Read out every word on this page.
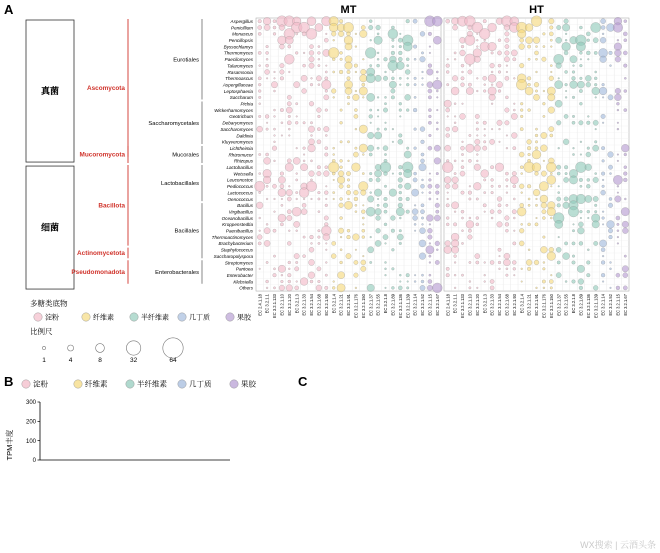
A	MT	HT
Aspergillus
Penicillium
Monascus
Pencillopsis
Byssochlamys
Thermomyces
Paecilomyces
Talaromyces
Rasamsonia
Thermoascus
Aspergillaceae
Leptosphaeria
Saccharum
Pichia
Wickerhamomyces
Geotrichum
Debaryomyces
Saccharomyces
Daldinia
Kluyveromyces
Lichtheimia
Rhizomucor
Rhizopus
Lactobacillus
Weissella
Leuconostoc
Pediococcus
Lactococcus
Oenococcus
Bacillus
Virgibacillus
Oceanobacillus
Kroppenstedtia
Paenibacillus
Thermoactinomyces
Brachybacterium
Staphylococcus
Saccharopolyspora
Streptomyces
Pantoea
Enterobacter
Klebsiella
Others
EC 2.4.1.18 EC 3.2.1.1 EC 3.2.1.133 EC 3.2.1.10 EC 3.2.1.20 EC 3.2.1.3 EC 3.2.1.33 EC 3.2.1.54 EC 3.2.1.68 EC 3.2.1.93 EC 3.2.1.4 EC 3.2.1.21 EC 3.2.1.91 EC 3.2.1.176 EC 3.2.1.150 EC 3.2.1.37 EC 3.2.1.55 EC 3.2.1.8 EC 3.2.1.89 EC 3.2.1.136 EC 3.2.1.139 EC 3.2.1.14 EC 3.2.1.52 EC 3.2.1.15 EC 3.2.1.67 EC 2.4.1.18 EC 3.2.1.1 EC 3.2.1.133 EC 3.2.1.10 EC 3.2.1.20 EC 3.2.1.3 EC 3.2.1.33 EC 3.2.1.54 EC 3.2.1.68 EC 3.2.1.93 EC 3.2.1.4 EC 3.2.1.21 EC 3.2.1.91 EC 3.2.1.176 EC 3.2.1.150 EC 3.2.1.37 EC 3.2.1.55 EC 3.2.1.8 EC 3.2.1.89 EC 3.2.1.136 EC 3.2.1.139 EC 3.2.1.14 EC 3.2.1.52 EC 3.2.1.15 EC 3.2.1.67
真菌
细菌
Ascomycota
Mucoromycota
Bacillota
Actinomycetota
Pseudomonadota
Eurotiales
Saccharomycetales
Mucorales
Lactobacillales
Bacillales
Enterobacterales
多糖类底物
淀粉	纤维素	半纤维素	几丁质	果胶
比例尺
1	4	8	32	64
B	淀粉	纤维素	半纤维素	几丁质	果胶
0
100
200
300
TPM丰度
C
WX搜索 | 云酒头条
